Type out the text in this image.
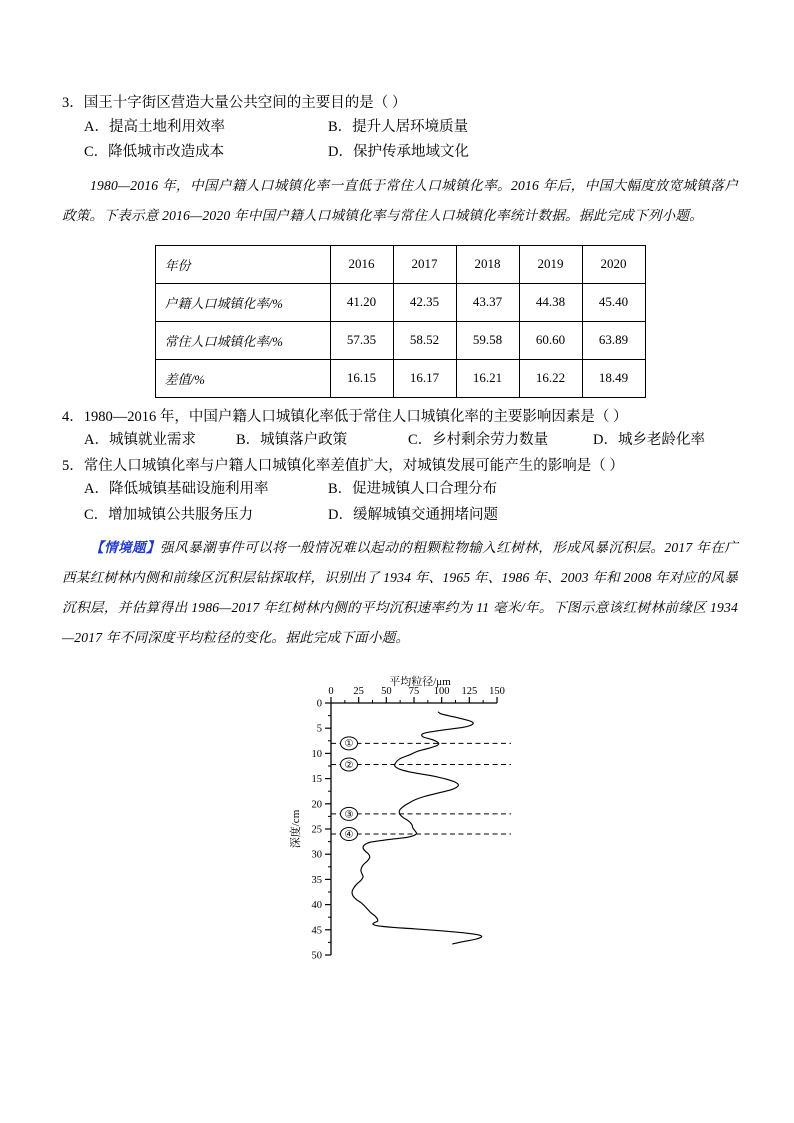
3．国王十字街区营造大量公共空间的主要目的是（ ）
A．提高土地利用效率	B．提升人居环境质量
C．降低城市改造成本	D．保护传承地域文化

1980—2016 年，中国户籍人口城镇化率一直低于常住人口城镇化率。2016 年后，中国大幅度放宽城镇落户政策。下表示意 2016—2020 年中国户籍人口城镇化率与常住人口城镇化率统计数据。据此完成下列小题。

年份	2016	2017	2018	2019	2020
户籍人口城镇化率/%	41.20	42.35	43.37	44.38	45.40
常住人口城镇化率/%	57.35	58.52	59.58	60.60	63.89
差值/%	16.15	16.17	16.21	16.22	18.49
4．1980—2016 年，中国户籍人口城镇化率低于常住人口城镇化率的主要影响因素是（ ）
A．城镇就业需求	B．城镇落户政策	C．乡村剩余劳力数量	D．城乡老龄化率
5．常住人口城镇化率与户籍人口城镇化率差值扩大，对城镇发展可能产生的影响是（ ）
A．降低城镇基础设施利用率	B．促进城镇人口合理分布
C．增加城镇公共服务压力	D．缓解城镇交通拥堵问题

【情境题】强风暴潮事件可以将一般情况难以起动的粗颗粒物输入红树林，形成风暴沉积层。2017 年在广西某红树林内侧和前缘区沉积层钻探取样，识别出了 1934 年、1965 年、1986 年、2003 年和 2008 年对应的风暴沉积层，并估算得出 1986—2017 年红树林内侧的平均沉积速率约为 11 毫米/年。下图示意该红树林前缘区 1934—2017 年不同深度平均粒径的变化。据此完成下面小题。

平均粒径/μm
0 25 50 75 100 125 150
0
5
10
15
20
25
30
35
40
45
50
深度/cm
①
②
③
④
